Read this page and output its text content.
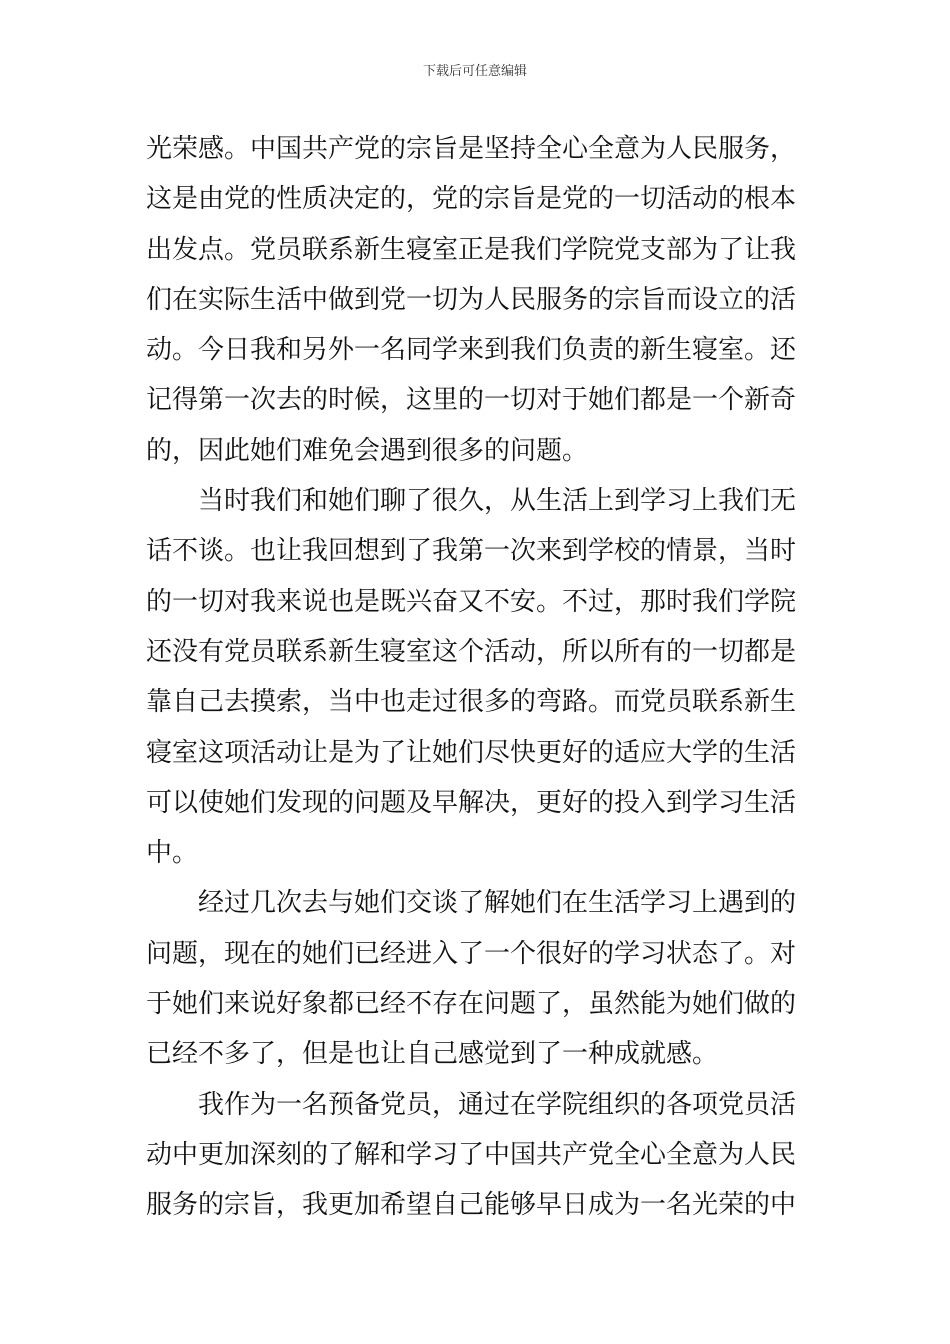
下载后可任意编辑
光荣感。中国共产党的宗旨是坚持全心全意为人民服务，
这是由党的性质决定的，党的宗旨是党的一切活动的根本
出发点。党员联系新生寝室正是我们学院党支部为了让我
们在实际生活中做到党一切为人民服务的宗旨而设立的活
动。今日我和另外一名同学来到我们负责的新生寝室。还
记得第一次去的时候，这里的一切对于她们都是一个新奇
的，因此她们难免会遇到很多的问题。
当时我们和她们聊了很久，从生活上到学习上我们无
话不谈。也让我回想到了我第一次来到学校的情景，当时
的一切对我来说也是既兴奋又不安。不过，那时我们学院
还没有党员联系新生寝室这个活动，所以所有的一切都是
靠自己去摸索，当中也走过很多的弯路。而党员联系新生
寝室这项活动让是为了让她们尽快更好的适应大学的生活
可以使她们发现的问题及早解决，更好的投入到学习生活
中。
经过几次去与她们交谈了解她们在生活学习上遇到的
问题，现在的她们已经进入了一个很好的学习状态了。对
于她们来说好象都已经不存在问题了，虽然能为她们做的
已经不多了，但是也让自己感觉到了一种成就感。
我作为一名预备党员，通过在学院组织的各项党员活
动中更加深刻的了解和学习了中国共产党全心全意为人民
服务的宗旨，我更加希望自己能够早日成为一名光荣的中
